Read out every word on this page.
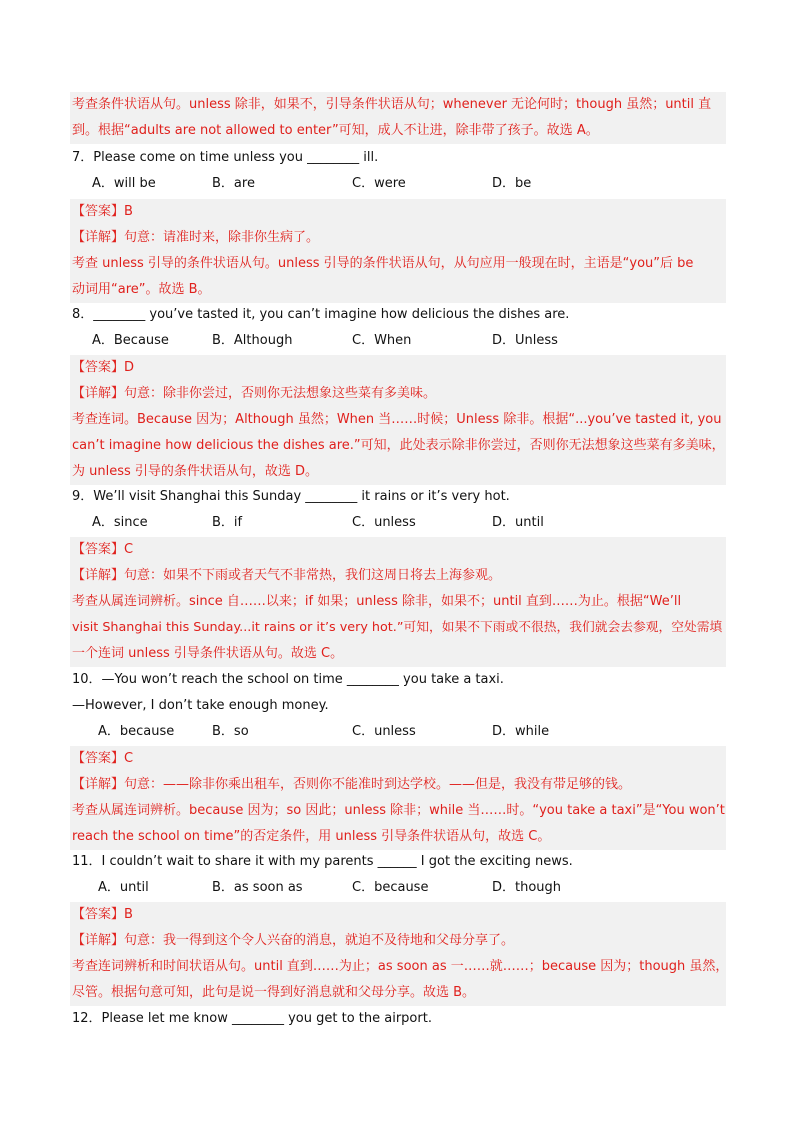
考查条件状语从句。unless 除非，如果不，引导条件状语从句；whenever 无论何时；though 虽然；until 直
到。根据“adults are not allowed to enter”可知，成人不让进，除非带了孩子。故选 A。
7．Please come on time unless you ________ ill.
A．will be	B．are	C．were	D．be
【答案】B
【详解】句意：请准时来，除非你生病了。
考查 unless 引导的条件状语从句。unless 引导的条件状语从句，从句应用一般现在时，主语是“you”后 be
动词用“are”。故选 B。
8．________ you’ve tasted it, you can’t imagine how delicious the dishes are.
A．Because	B．Although	C．When	D．Unless
【答案】D
【详解】句意：除非你尝过，否则你无法想象这些菜有多美味。
考查连词。Because 因为；Although 虽然；When 当……时候；Unless 除非。根据“...you’ve tasted it, you
can’t imagine how delicious the dishes are.”可知，此处表示除非你尝过，否则你无法想象这些菜有多美味，
为 unless 引导的条件状语从句，故选 D。
9．We’ll visit Shanghai this Sunday ________ it rains or it’s very hot.
A．since	B．if	C．unless	D．until
【答案】C
【详解】句意：如果不下雨或者天气不非常热，我们这周日将去上海参观。
考查从属连词辨析。since 自……以来；if 如果；unless 除非，如果不；until 直到……为止。根据“We’ll
visit Shanghai this Sunday...it rains or it’s very hot.”可知，如果不下雨或不很热，我们就会去参观，空处需填
一个连词 unless 引导条件状语从句。故选 C。
10．—You won’t reach the school on time ________ you take a taxi.
—However, I don’t take enough money.
A．because	B．so	C．unless	D．while
【答案】C
【详解】句意：——除非你乘出租车，否则你不能准时到达学校。——但是，我没有带足够的钱。
考查从属连词辨析。because 因为；so 因此；unless 除非；while 当……时。“you take a taxi”是“You won’t
reach the school on time”的否定条件，用 unless 引导条件状语从句，故选 C。
11．I couldn’t wait to share it with my parents ______ I got the exciting news.
A．until	B．as soon as	C．because	D．though
【答案】B
【详解】句意：我一得到这个令人兴奋的消息，就迫不及待地和父母分享了。
考查连词辨析和时间状语从句。until 直到……为止；as soon as 一……就……；because 因为；though 虽然，
尽管。根据句意可知，此句是说一得到好消息就和父母分享。故选 B。
12．Please let me know ________ you get to the airport.
